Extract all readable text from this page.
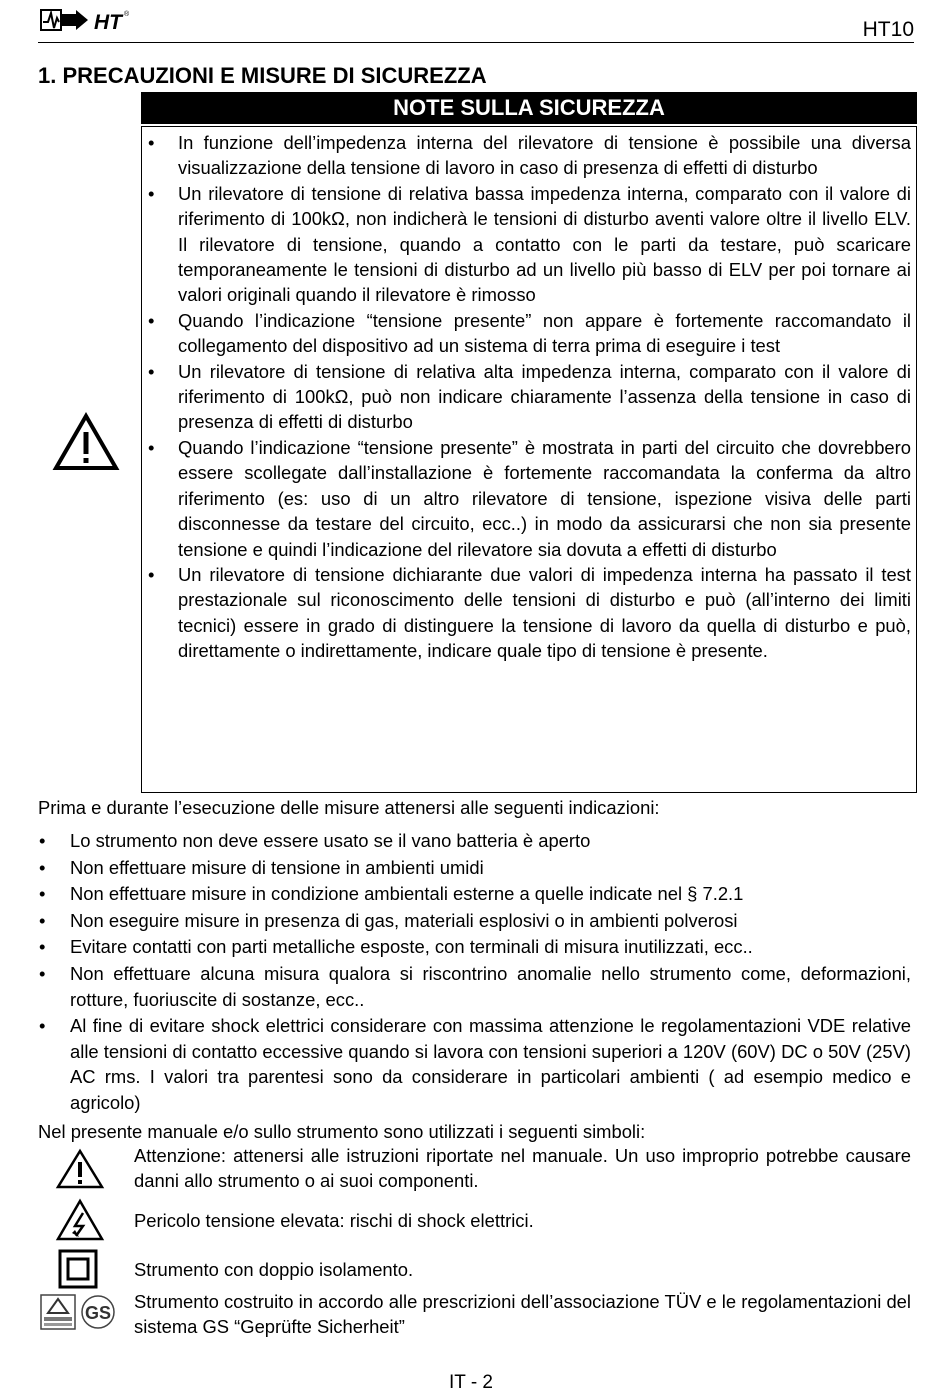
HT ®
HT10
1. PRECAUZIONI E MISURE DI SICUREZZA
NOTE SULLA SICUREZZA
• In funzione dell’impedenza interna del rilevatore di tensione è possibile una diversa visualizzazione della tensione di lavoro in caso di presenza di effetti di disturbo
• Un rilevatore di tensione di relativa bassa impedenza interna, comparato con il valore di riferimento di 100kΩ, non indicherà le tensioni di disturbo aventi valore oltre il livello ELV. Il rilevatore di tensione, quando a contatto con le parti da testare, può scaricare temporaneamente le tensioni di disturbo ad un livello più basso di ELV per poi tornare ai valori originali quando il rilevatore è rimosso
• Quando l’indicazione “tensione presente” non appare è fortemente raccomandato il collegamento del dispositivo ad un sistema di terra prima di eseguire i test
• Un rilevatore di tensione di relativa alta impedenza interna, comparato con il valore di riferimento di 100kΩ, può non indicare chiaramente l’assenza della tensione in caso di presenza di effetti di disturbo
• Quando l’indicazione “tensione presente” è mostrata in parti del circuito che dovrebbero essere scollegate dall’installazione è fortemente raccomandata la conferma da altro riferimento (es: uso di un altro rilevatore di tensione, ispezione visiva delle parti disconnesse da testare del circuito, ecc..) in modo da assicurarsi che non sia presente tensione e quindi l’indicazione del rilevatore sia dovuta a effetti di disturbo
• Un rilevatore di tensione dichiarante due valori di impedenza interna ha passato il test prestazionale sul riconoscimento delle tensioni di disturbo e può (all’interno dei limiti tecnici) essere in grado di distinguere la tensione di lavoro da quella di disturbo e può, direttamente o indirettamente, indicare quale tipo di tensione è presente.

Prima e durante l’esecuzione delle misure attenersi alle seguenti indicazioni:

• Lo strumento non deve essere usato se il vano batteria è aperto
• Non effettuare misure di tensione in ambienti umidi
• Non effettuare misure in condizione ambientali esterne a quelle indicate nel § 7.2.1
• Non eseguire misure in presenza di gas, materiali esplosivi o in ambienti polverosi
• Evitare contatti con parti metalliche esposte, con terminali di misura inutilizzati, ecc..
• Non effettuare alcuna misura qualora si riscontrino anomalie nello strumento come, deformazioni, rotture, fuoriuscite di sostanze, ecc..
• Al fine di evitare shock elettrici considerare con massima attenzione le regolamentazioni VDE relative alle tensioni di contatto eccessive quando si lavora con tensioni superiori a 120V (60V) DC o 50V (25V) AC rms. I valori tra parentesi sono da considerare in particolari ambienti ( ad esempio medico e agricolo)

Nel presente manuale e/o sullo strumento sono utilizzati i seguenti simboli:

Attenzione: attenersi alle istruzioni riportate nel manuale. Un uso improprio potrebbe causare danni allo strumento o ai suoi componenti.

Pericolo tensione elevata: rischi di shock elettrici.

Strumento con doppio isolamento.

GS

Strumento costruito in accordo alle prescrizioni dell’associazione TÜV e le regolamentazioni del sistema GS “Geprüfte Sicherheit”

IT - 2
